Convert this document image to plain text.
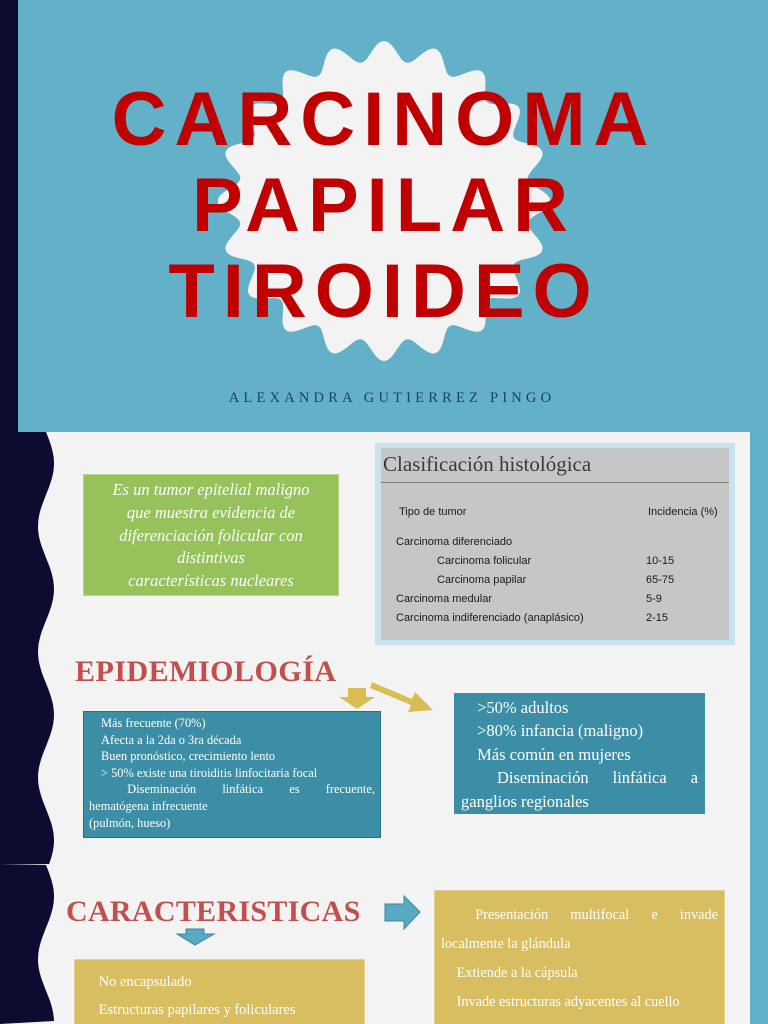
CARCINOMA
PAPILAR
TIROIDEO
ALEXANDRA GUTIERREZ PINGO
Es un tumor epitelial maligno
que muestra evidencia de
diferenciación folicular con
distintivas
características nucleares
Clasificación histológica
Tipo de tumor	Incidencia (%)
Carcinoma diferenciado
Carcinoma folicular	10-15
Carcinoma papilar	65-75
Carcinoma medular	5-9
Carcinoma indiferenciado (anaplásico)	2-15
EPIDEMIOLOGÍA
Más frecuente (70%)
Afecta a la 2da o 3ra década
Buen pronóstico, crecimiento lento
> 50% existe una tiroiditis linfocitaria focal
Diseminación linfática es frecuente,
hematógena infrecuente
(pulmón, hueso)
>50% adultos
>80% infancia (maligno)
Más común en mujeres
Diseminación linfática a
ganglios regionales
CARACTERISTICAS
No encapsulado
Estructuras papilares y foliculares
Presentación multifocal e invade
localmente la glándula
Extiende a la cápsula
Invade estructuras adyacentes al cuello
